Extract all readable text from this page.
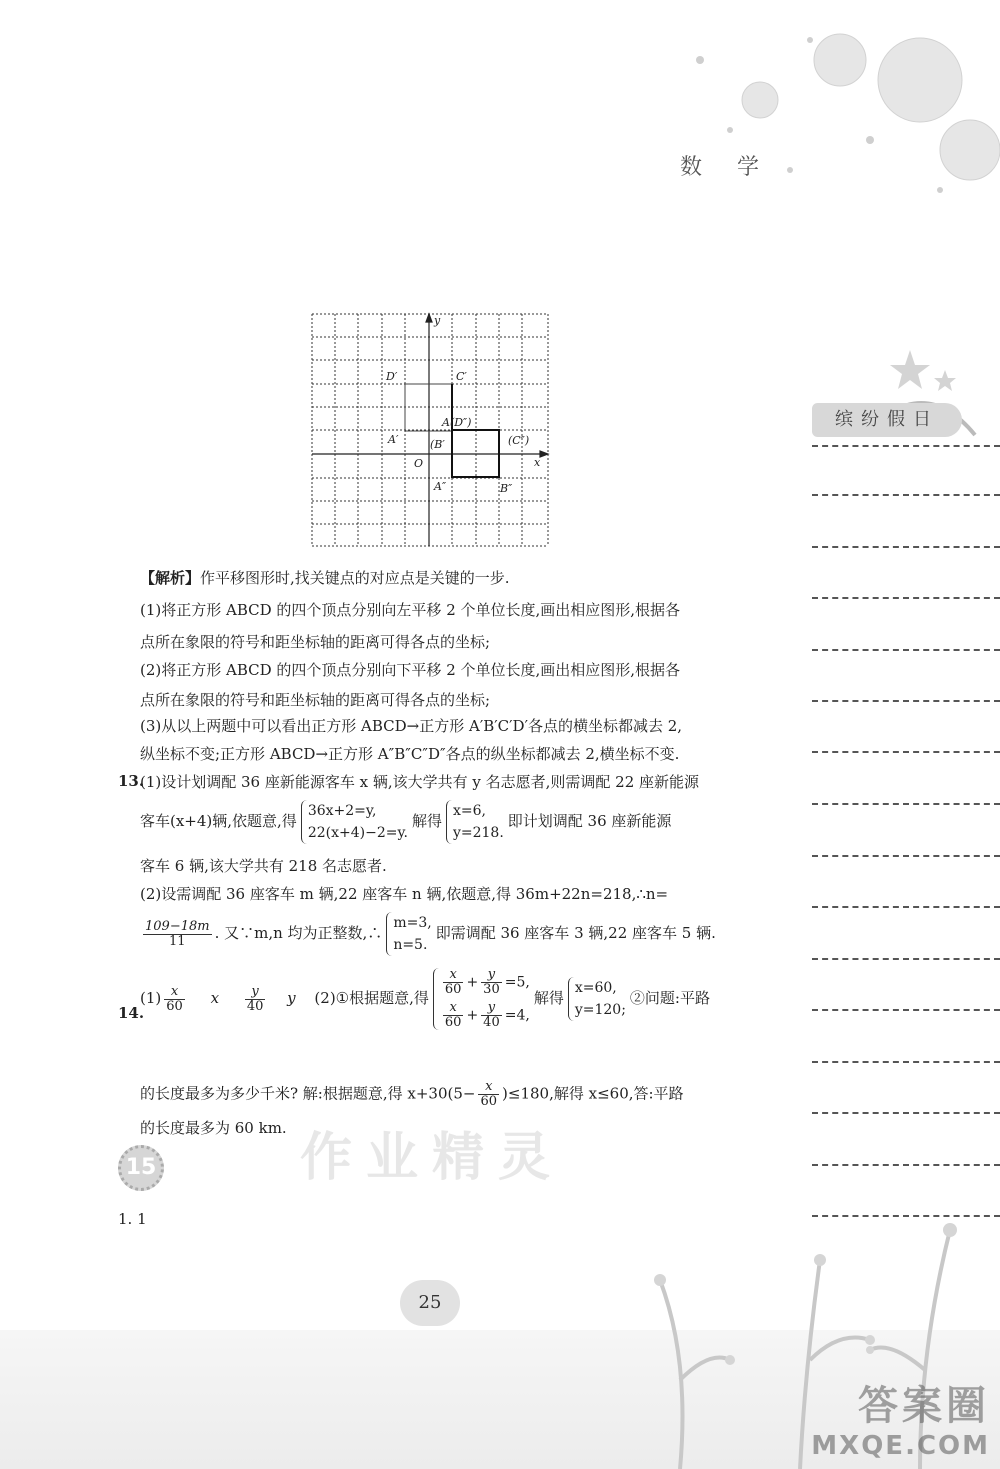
数 学
缤纷假日
y
x
O
D′	C′
A(D″)
A′	(B′	(C″)
A″	B″
【解析】作平移图形时,找关键点的对应点是关键的一步.
(1)将正方形 ABCD 的四个顶点分别向左平移 2 个单位长度,画出相应图形,根据各
点所在象限的符号和距坐标轴的距离可得各点的坐标;
(2)将正方形 ABCD 的四个顶点分别向下平移 2 个单位长度,画出相应图形,根据各
点所在象限的符号和距坐标轴的距离可得各点的坐标;
(3)从以上两题中可以看出正方形 ABCD→正方形 A′B′C′D′各点的横坐标都减去 2,
纵坐标不变;正方形 ABCD→正方形 A″B″C″D″各点的纵坐标都减去 2,横坐标不变.
13.
(1)设计划调配 36 座新能源客车 x 辆,该大学共有 y 名志愿者,则需调配 22 座新能源
客车(x+4)辆,依题意,得
36x+2=y,
22(x+4)−2=y.
解得
x=6,
y=218.
即计划调配 36 座新能源
客车 6 辆,该大学共有 218 名志愿者.
(2)设需调配 36 座客车 m 辆,22 座客车 n 辆,依题意,得 36m+22n=218,∴n=
$\frac{109-18m}{11}$ . 又∵m,n 均为正整数,∴
m=3,
n=5.
即需调配 36 座客车 3 辆,22 座客车 5 辆.
14.
$(1) \frac{x}{60}$ x $\frac{y}{40}$ y (2)①根据题意,得
$\frac{x}{60} + \frac{y}{30} =5$,
$\frac{x}{60} + \frac{y}{40} =4$,
解得
x=60,
y=120;
②问题:平路
的长度最多为多少千米? 解:根据题意,得 $x+30(5- \frac{x}{60} )\le 180$,解得 x≤60,答:平路
的长度最多为 60 km. 作业精灵
15
1. 1
25
答案圈
MXQE.COM
